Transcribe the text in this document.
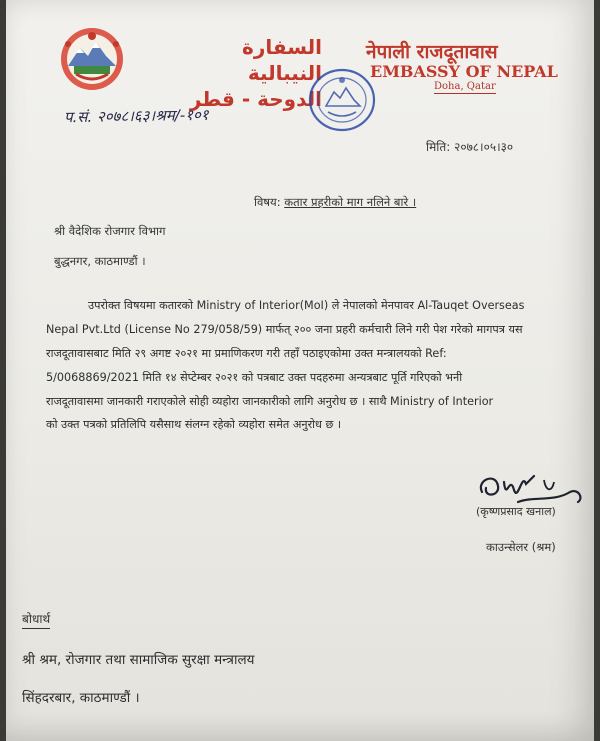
السفارة النيبالية
الدوحة - قطر
नेपाली राजदूतावास
EMBASSY OF NEPAL
Doha, Qatar
प.सं. २०७८।६३।श्रम/-१०१
मिति: २०७८।०५।३०
विषय: कतार प्रहरीको माग नलिने बारे ।
श्री वैदेशिक रोजगार विभाग
बुद्धनगर, काठमाण्डौं ।

उपरोक्त विषयमा कतारको Ministry of Interior(MoI) ले नेपालको मेनपावर Al-Tauqet Overseas

Nepal Pvt.Ltd (License No 279/058/59) मार्फत् २०० जना प्रहरी कर्मचारी लिने गरी पेश गरेको मागपत्र यस

राजदूतावासबाट मिति २९ अगष्ट २०२१ मा प्रमाणिकरण गरी तहाँ पठाइएकोमा उक्त मन्त्रालयको Ref:

5/0068869/2021 मिति १४ सेप्टेम्बर २०२१ को पत्रबाट उक्त पदहरुमा अन्यत्रबाट पूर्ति गरिएको भनी

राजदूतावासमा जानकारी गराएकोले सोही व्यहोरा जानकारीको लागि अनुरोध छ । साथै Ministry of Interior

को उक्त पत्रको प्रतिलिपि यसैसाथ संलग्न रहेको व्यहोरा समेत अनुरोध छ ।

(कृष्णप्रसाद खनाल)
काउन्सेलर (श्रम)
बोधार्थ
श्री श्रम, रोजगार तथा सामाजिक सुरक्षा मन्त्रालय
सिंहदरबार, काठमाण्डौं ।
